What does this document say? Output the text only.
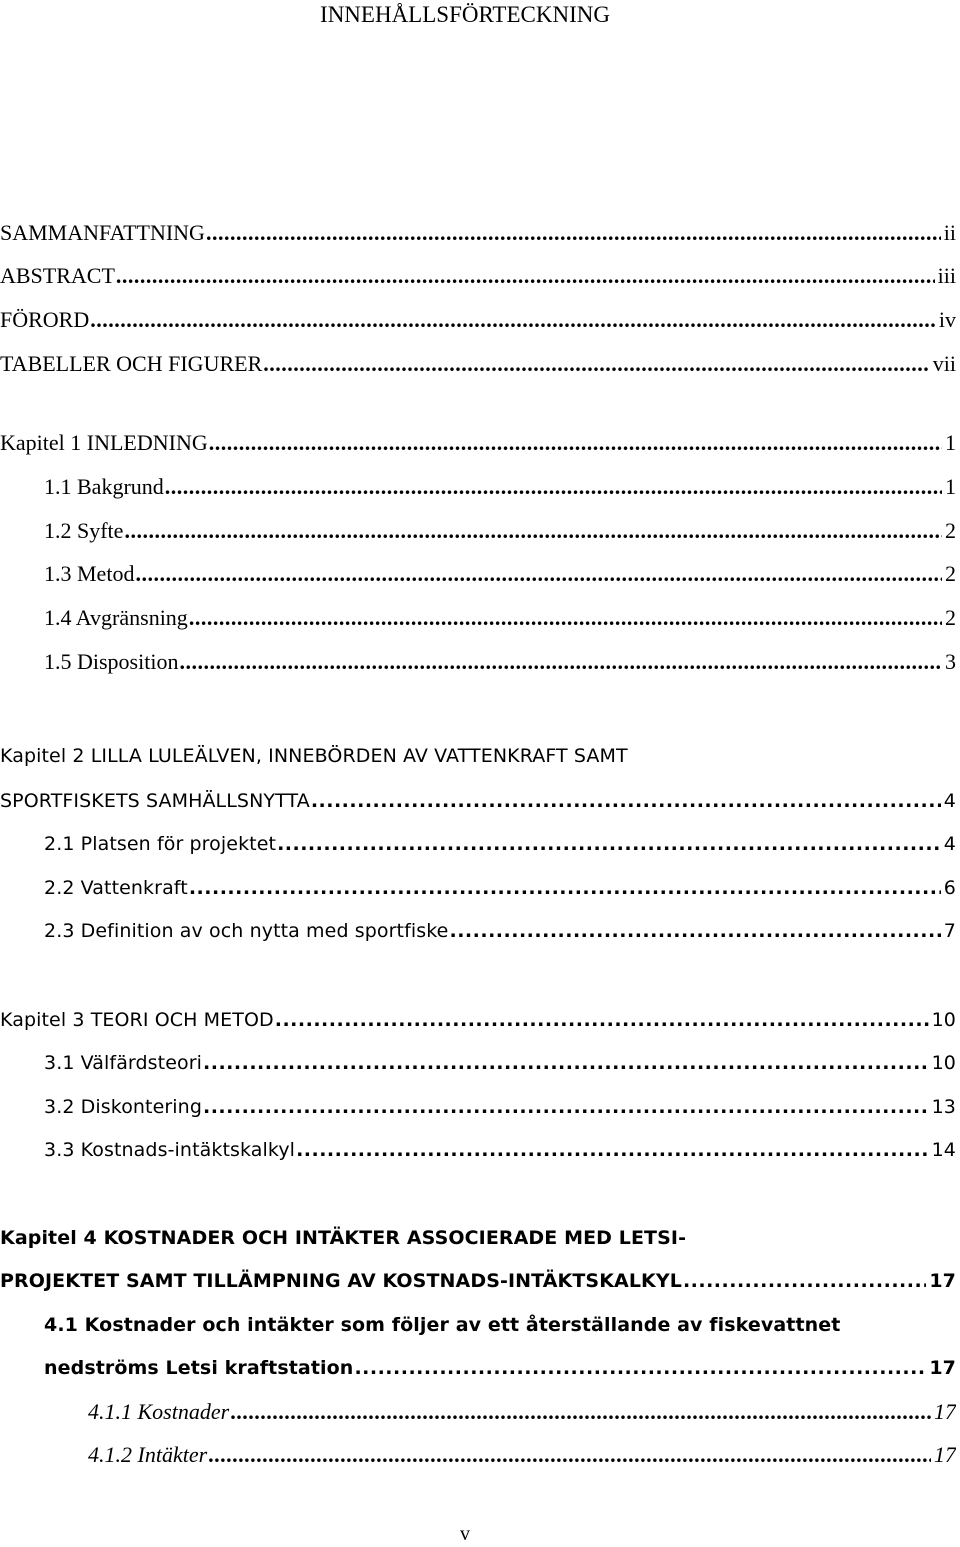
INNEHÅLLSFÖRTECKNING
SAMMANFATTNING .....	ii
ABSTRACT .....	iii
FÖRORD .....	iv
TABELLER OCH FIGURER .....	vii
Kapitel 1 INLEDNING .....	1
1.1 Bakgrund .....	1
1.2 Syfte .....	2
1.3 Metod .....	2
1.4 Avgränsning .....	2
1.5 Disposition .....	3
Kapitel 2 LILLA LULEÄLVEN, INNEBÖRDEN AV VATTENKRAFT SAMT
SPORTFISKETS SAMHÄLLSNYTTA .....	4
2.1 Platsen för projektet .....	4
2.2 Vattenkraft .....	6
2.3 Definition av och nytta med sportfiske .....	7
Kapitel 3 TEORI OCH METOD .....	10
3.1 Välfärdsteori .....	10
3.2 Diskontering .....	13
3.3 Kostnads-intäktskalkyl .....	14
Kapitel 4 KOSTNADER OCH INTÄKTER ASSOCIERADE MED LETSI-
PROJEKTET SAMT TILLÄMPNING AV KOSTNADS-INTÄKTSKALKYL .....	17
4.1 Kostnader och intäkter som följer av ett återställande av fiskevattnet
nedströms Letsi kraftstation .....	17
4.1.1 Kostnader .....	17
4.1.2 Intäkter .....	17
v
